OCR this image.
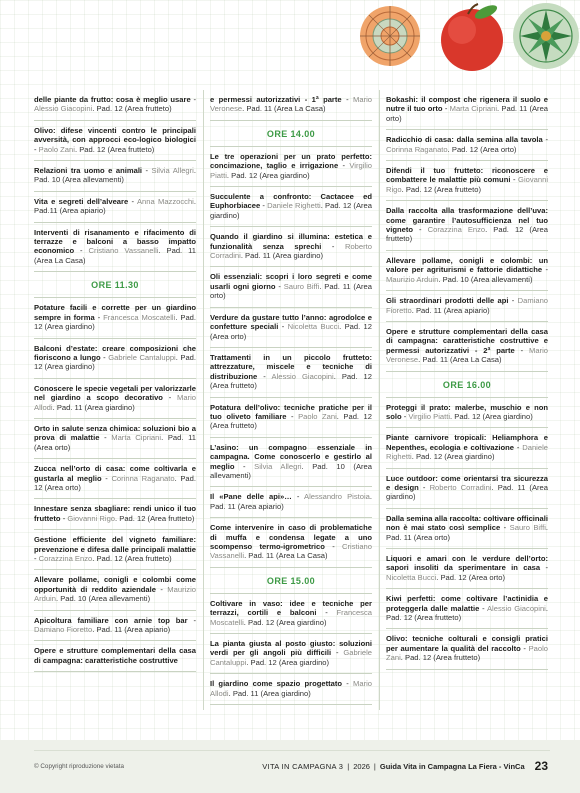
delle piante da frutto: cosa è meglio usare - Alessio Giacopini. Pad. 12 (Area frutteto)
Olivo: difese vincenti contro le principali avversità, con approcci eco-logico biologici - Paolo Zani. Pad. 12 (Area frutteto)
Relazioni tra uomo e animali - Silvia Allegri. Pad. 10 (Area allevamenti)
Vita e segreti dell’alveare - Anna Mazzocchi. Pad.11 (Area apiario)
Interventi di risanamento e rifacimento di terrazze e balconi a basso impatto economico - Cristiano Vassanelli. Pad. 11 (Area La Casa)
ORE 11.30
Potature facili e corrette per un giardino sempre in forma - Francesca Moscatelli. Pad. 12 (Area giardino)
Balconi d’estate: creare composizioni che fioriscono a lungo - Gabriele Cantaluppi. Pad. 12 (Area giardino)
Conoscere le specie vegetali per valorizzarle nel giardino a scopo decorativo - Mario Allodi. Pad. 11 (Area giardino)
Orto in salute senza chimica: soluzioni bio a prova di malattie - Marta Cipriani. Pad. 11 (Area orto)
Zucca nell’orto di casa: come coltivarla e gustarla al meglio - Corinna Raganato. Pad. 12 (Area orto)
Innestare senza sbagliare: rendi unico il tuo frutteto - Giovanni Rigo. Pad. 12 (Area frutteto)
Gestione efficiente del vigneto familiare: prevenzione e difesa dalle principali malattie - Corazzina Enzo. Pad. 12 (Area frutteto)
Allevare pollame, conigli e colombi come opportunità di reddito aziendale - Maurizio Arduin. Pad. 10 (Area allevamenti)
Apicoltura familiare con arnie top bar - Damiano Fioretto. Pad. 11 (Area apiario)
Opere e strutture complementari della casa di campagna: caratteristiche costruttive
e permessi autorizzativi - 1ª parte - Mario Veronese. Pad. 11 (Area La Casa)
ORE 14.00
Le tre operazioni per un prato perfetto: concimazione, taglio e irrigazione - Virgilio Piatti. Pad. 12 (Area giardino)
Succulente a confronto: Cactacee ed Euphorbiacee - Daniele Righetti. Pad. 12 (Area giardino)
Quando il giardino si illumina: estetica e funzionalità senza sprechi - Roberto Corradini. Pad. 11 (Area giardino)
Oli essenziali: scopri i loro segreti e come usarli ogni giorno - Sauro Biffi. Pad. 11 (Area orto)
Verdure da gustare tutto l’anno: agrodolce e confetture speciali - Nicoletta Bucci. Pad. 12 (Area orto)
Trattamenti in un piccolo frutteto: attrezzature, miscele e tecniche di distribuzione - Alessio Giacopini. Pad. 12 (Area frutteto)
Potatura dell’olivo: tecniche pratiche per il tuo oliveto familiare - Paolo Zani. Pad. 12 (Area frutteto)
L’asino: un compagno essenziale in campagna. Come conoscerlo e gestirlo al meglio - Silvia Allegri. Pad. 10 (Area allevamenti)
Il «Pane delle api»… - Alessandro Pistoia. Pad. 11 (Area apiario)
Come intervenire in caso di problematiche di muffa e condensa legate a uno scompenso termo-igrometrico - Cristiano Vassanelli. Pad. 11 (Area La Casa)
ORE 15.00
Coltivare in vaso: idee e tecniche per terrazzi, cortili e balconi - Francesca Moscatelli. Pad. 12 (Area giardino)
La pianta giusta al posto giusto: soluzioni verdi per gli angoli più difficili - Gabriele Cantaluppi. Pad. 12 (Area giardino)
Il giardino come spazio progettato - Mario Allodi. Pad. 11 (Area giardino)
Bokashi: il compost che rigenera il suolo e nutre il tuo orto - Marta Cipriani. Pad. 11 (Area orto)
Radicchio di casa: dalla semina alla tavola - Corinna Raganato. Pad. 12 (Area orto)
Difendi il tuo frutteto: riconoscere e combattere le malattie più comuni - Giovanni Rigo. Pad. 12 (Area frutteto)
Dalla raccolta alla trasformazione dell’uva: come garantire l’autosufficienza nel tuo vigneto - Corazzina Enzo. Pad. 12 (Area frutteto)
Allevare pollame, conigli e colombi: un valore per agriturismi e fattorie didattiche - Maurizio Arduin. Pad. 10 (Area allevamenti)
Gli straordinari prodotti delle api - Damiano Fioretto. Pad. 11 (Area apiario)
Opere e strutture complementari della casa di campagna: caratteristiche costruttive e permessi autorizzativi - 2ª parte - Mario Veronese. Pad. 11 (Area La Casa)
ORE 16.00
Proteggi il prato: malerbe, muschio e non solo - Virgilio Piatti. Pad. 12 (Area giardino)
Piante carnivore tropicali: Heliamphora e Nepenthes, ecologia e coltivazione - Daniele Righetti. Pad. 12 (Area giardino)
Luce outdoor: come orientarsi tra sicurezza e design - Roberto Corradini. Pad. 11 (Area giardino)
Dalla semina alla raccolta: coltivare officinali non è mai stato così semplice - Sauro Biffi. Pad. 11 (Area orto)
Liquori e amari con le verdure dell’orto: sapori insoliti da sperimentare in casa - Nicoletta Bucci. Pad. 12 (Area orto)
Kiwi perfetti: come coltivare l’actinidia e proteggerla dalle malattie - Alessio Giacopini. Pad. 12 (Area frutteto)
Olivo: tecniche colturali e consigli pratici per aumentare la qualità del raccolto - Paolo Zani. Pad. 12 (Area frutteto)
© Copyright riproduzione vietata	VITA IN CAMPAGNA 3 | 2026 | Guida Vita in Campagna La Fiera - VinCa 23
